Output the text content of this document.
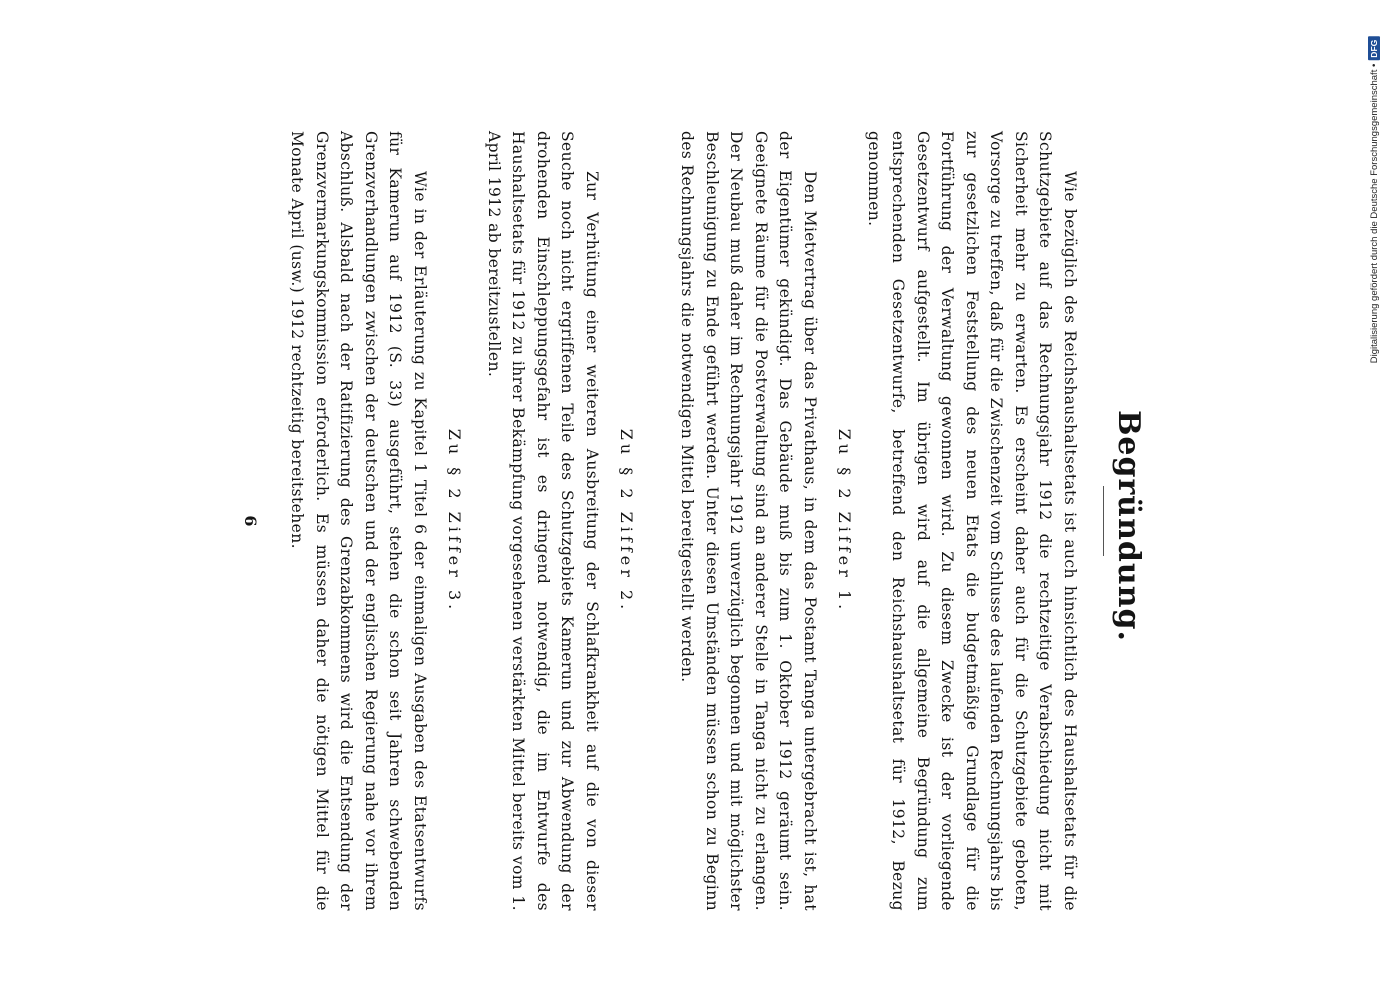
Begründung.
Wie bezüglich des Reichshaushaltsetats ist auch hinsichtlich des Haushaltsetats für die Schutzgebiete auf das Rechnungsjahr 1912 die rechtzeitige Verabschiedung nicht mit Sicherheit mehr zu erwarten. Es erscheint daher auch für die Schutzgebiete geboten, Vorsorge zu treffen, daß für die Zwischenzeit vom Schlusse des laufenden Rechnungsjahrs bis zur gesetzlichen Feststellung des neuen Etats die budgetmäßige Grundlage für die Fortführung der Verwaltung gewonnen wird. Zu diesem Zwecke ist der vorliegende Gesetzentwurf aufgestellt. Im übrigen wird auf die allgemeine Begründung zum entsprechenden Gesetzentwurfe, betreffend den Reichshaushaltsetat für 1912, Bezug genommen.
Zu § 2 Ziffer 1.
Den Mietvertrag über das Privathaus, in dem das Postamt Tanga untergebracht ist, hat der Eigentümer gekündigt. Das Gebäude muß bis zum 1. Oktober 1912 geräumt sein. Geeignete Räume für die Postverwaltung sind an anderer Stelle in Tanga nicht zu erlangen. Der Neubau muß daher im Rechnungsjahr 1912 unverzüglich begonnen und mit möglichster Beschleunigung zu Ende geführt werden. Unter diesen Umständen müssen schon zu Beginn des Rechnungsjahrs die notwendigen Mittel bereitgestellt werden.
Zu § 2 Ziffer 2.
Zur Verhütung einer weiteren Ausbreitung der Schlafkrankheit auf die von dieser Seuche noch nicht ergriffenen Teile des Schutzgebiets Kamerun und zur Abwendung der drohenden Einschleppungsgefahr ist es dringend notwendig, die im Entwurfe des Haushaltsetats für 1912 zu ihrer Bekämpfung vorgesehenen verstärkten Mittel bereits vom 1. April 1912 ab bereitzustellen.
Zu § 2 Ziffer 3.
Wie in der Erläuterung zu Kapitel 1 Titel 6 der einmaligen Ausgaben des Etatsentwurfs für Kamerun auf 1912 (S. 33) ausgeführt, stehen die schon seit Jahren schwebenden Grenzverhandlungen zwischen der deutschen und der englischen Regierung nahe vor ihrem Abschluß. Alsbald nach der Ratifizierung des Grenzabkommens wird die Entsendung der Grenzvermarkungskommission erforderlich. Es müssen daher die nötigen Mittel für die Monate April (usw.) 1912 rechtzeitig bereitstehen.
6
Digitalisierung gefördert durch die Deutsche Forschungsgemeinschaft •
DFG
